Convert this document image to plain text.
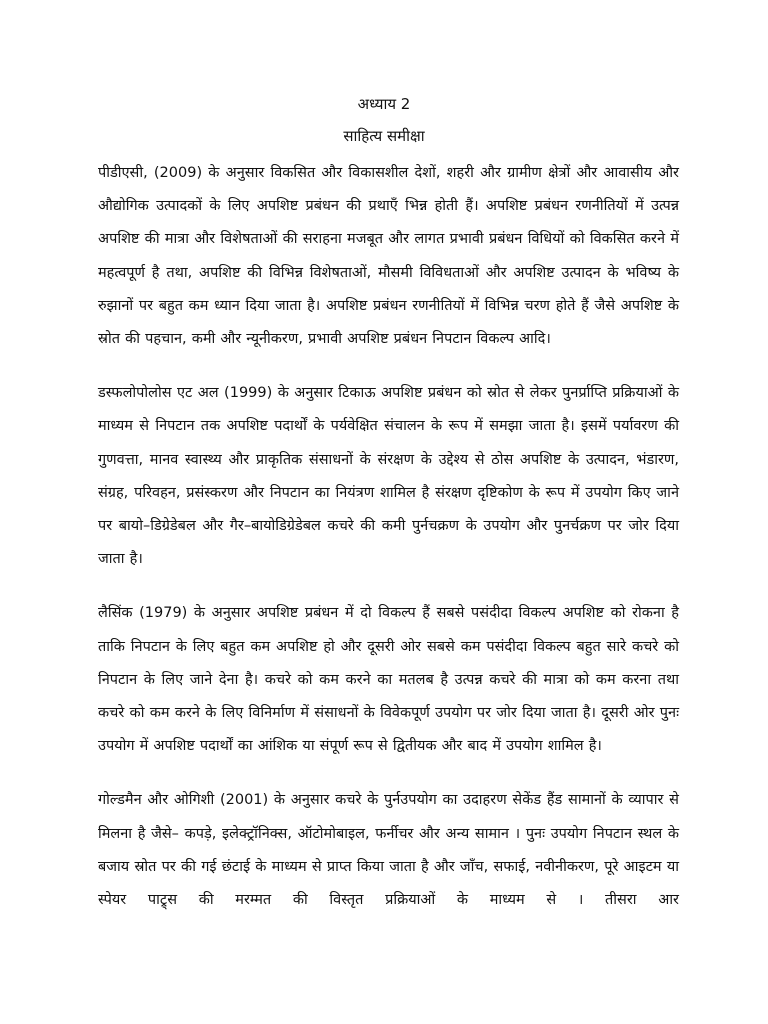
अध्याय 2
साहित्य समीक्षा

पीडीएसी, (2009) के अनुसार विकसित और विकासशील देशों, शहरी और ग्रामीण क्षेत्रों और आवासीय और औद्योगिक उत्पादकों के लिए अपशिष्ट प्रबंधन की प्रथाएँ भिन्न होती हैं। अपशिष्ट प्रबंधन रणनीतियों में उत्पन्न अपशिष्ट की मात्रा और विशेषताओं की सराहना मजबूत और लागत प्रभावी प्रबंधन विधियों को विकसित करने में महत्वपूर्ण है तथा, अपशिष्ट की विभिन्न विशेषताओं, मौसमी विविधताओं और अपशिष्ट उत्पादन के भविष्य के रुझानों पर बहुत कम ध्यान दिया जाता है। अपशिष्ट प्रबंधन रणनीतियों में विभिन्न चरण होते हैं जैसे अपशिष्ट के स्रोत की पहचान, कमी और न्यूनीकरण, प्रभावी अपशिष्ट प्रबंधन निपटान विकल्प आदि।

डस्फलोपोलोस एट अल (1999) के अनुसार टिकाऊ अपशिष्ट प्रबंधन को स्रोत से लेकर पुनर्प्राप्ति प्रक्रियाओं के माध्यम से निपटान तक अपशिष्ट पदार्थों के पर्यवेक्षित संचालन के रूप में समझा जाता है। इसमें पर्यावरण की गुणवत्ता, मानव स्वास्थ्य और प्राकृतिक संसाधनों के संरक्षण के उद्देश्य से ठोस अपशिष्ट के उत्पादन, भंडारण, संग्रह, परिवहन, प्रसंस्करण और निपटान का नियंत्रण शामिल है संरक्षण दृष्टिकोण के रूप में उपयोग किए जाने पर बायो–डिग्रेडेबल और गैर–बायोडिग्रेडेबल कचरे की कमी पुर्नचक्रण के उपयोग और पुनर्चक्रण पर जोर दिया जाता है।

लैसिंक (1979) के अनुसार अपशिष्ट प्रबंधन में दो विकल्प हैं सबसे पसंदीदा विकल्प अपशिष्ट को रोकना है ताकि निपटान के लिए बहुत कम अपशिष्ट हो और दूसरी ओर सबसे कम पसंदीदा विकल्प बहुत सारे कचरे को निपटान के लिए जाने देना है। कचरे को कम करने का मतलब है उत्पन्न कचरे की मात्रा को कम करना तथा कचरे को कम करने के लिए विनिर्माण में संसाधनों के विवेकपूर्ण उपयोग पर जोर दिया जाता है। दूसरी ओर पुनः उपयोग में अपशिष्ट पदार्थों का आंशिक या संपूर्ण रूप से द्वितीयक और बाद में उपयोग शामिल है।

गोल्डमैन और ओगिशी (2001) के अनुसार कचरे के पुर्नउपयोग का उदाहरण सेकेंड हैंड सामानों के व्यापार से मिलना है जैसे– कपड़े, इलेक्ट्रॉनिक्स, ऑटोमोबाइल, फर्नीचर और अन्य सामान । पुनः उपयोग निपटान स्थल के बजाय स्रोत पर की गई छंटाई के माध्यम से प्राप्त किया जाता है और जाँच, सफाई, नवीनीकरण, पूरे आइटम या स्पेयर पाट्र्स की मरम्मत की विस्तृत प्रक्रियाओं के माध्यम से । तीसरा आर
